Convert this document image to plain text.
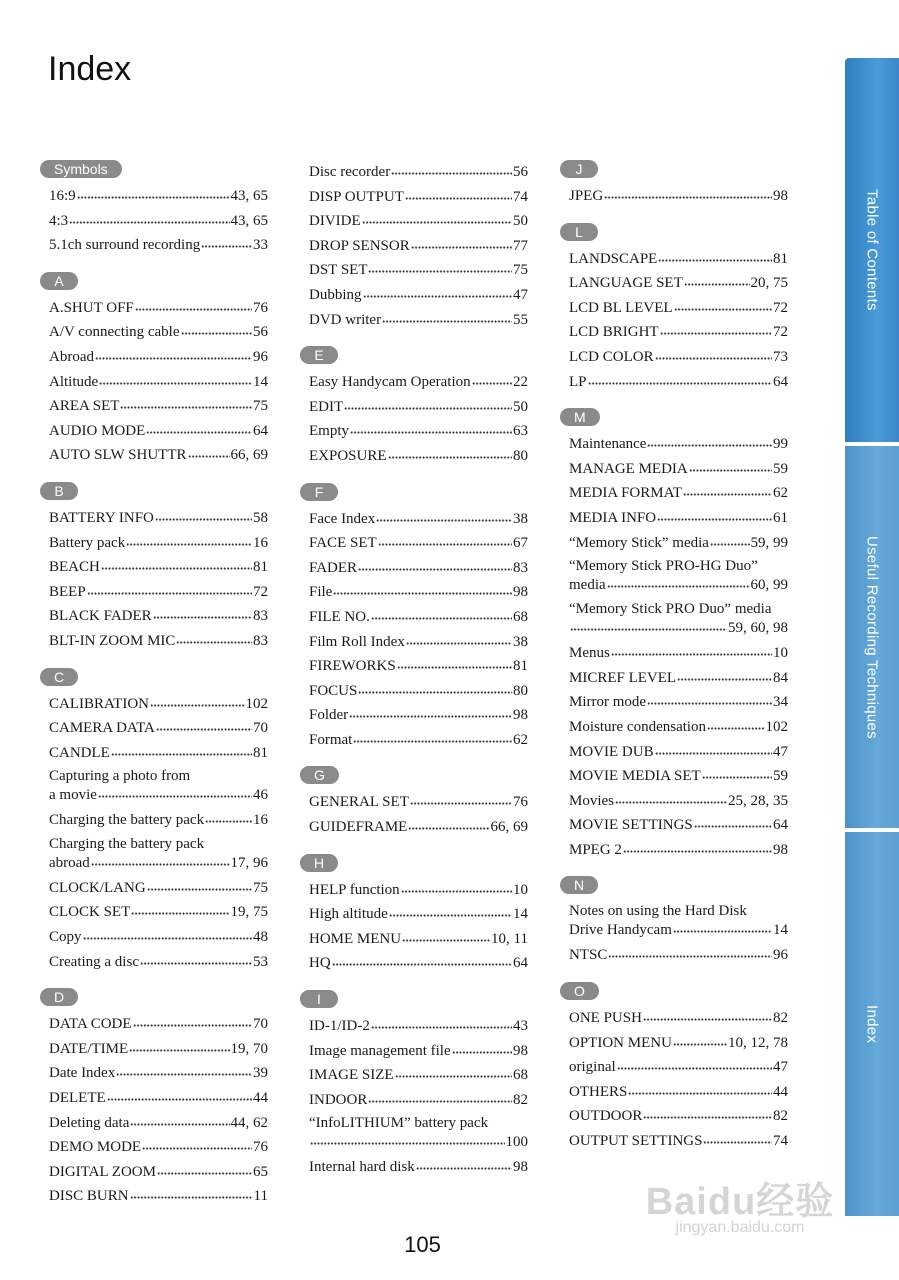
Index
Symbols
16:9	43, 65
4:3	43, 65
5.1ch surround recording	33
A
A.SHUT OFF	76
A/V connecting cable	56
Abroad	96
Altitude	14
AREA SET	75
AUDIO MODE	64
AUTO SLW SHUTTR	66, 69
B
BATTERY INFO	58
Battery pack	16
BEACH	81
BEEP	72
BLACK FADER	83
BLT-IN ZOOM MIC	83
C
CALIBRATION	102
CAMERA DATA	70
CANDLE	81
Capturing a photo from
a movie	46
Charging the battery pack	16
Charging the battery pack
abroad	17, 96
CLOCK/LANG	75
CLOCK SET	19, 75
Copy	48
Creating a disc	53
D
DATA CODE	70
DATE/TIME	19, 70
Date Index	39
DELETE	44
Deleting data	44, 62
DEMO MODE	76
DIGITAL ZOOM	65
DISC BURN	11
Disc recorder	56
DISP OUTPUT	74
DIVIDE	50
DROP SENSOR	77
DST SET	75
Dubbing	47
DVD writer	55
E
Easy Handycam Operation	22
EDIT	50
Empty	63
EXPOSURE	80
F
Face Index	38
FACE SET	67
FADER	83
File	98
FILE NO.	68
Film Roll Index	38
FIREWORKS	81
FOCUS	80
Folder	98
Format	62
G
GENERAL SET	76
GUIDEFRAME	66, 69
H
HELP function	10
High altitude	14
HOME MENU	10, 11
HQ	64
I
ID-1/ID-2	43
Image management file	98
IMAGE SIZE	68
INDOOR	82
“InfoLITHIUM” battery pack
100
Internal hard disk	98
J
JPEG	98
L
LANDSCAPE	81
LANGUAGE SET	20, 75
LCD BL LEVEL	72
LCD BRIGHT	72
LCD COLOR	73
LP	64
M
Maintenance	99
MANAGE MEDIA	59
MEDIA FORMAT	62
MEDIA INFO	61
“Memory Stick” media	59, 99
“Memory Stick PRO-HG Duo”
media	60, 99
“Memory Stick PRO Duo” media
59, 60, 98
Menus	10
MICREF LEVEL	84
Mirror mode	34
Moisture condensation	102
MOVIE DUB	47
MOVIE MEDIA SET	59
Movies	25, 28, 35
MOVIE SETTINGS	64
MPEG 2	98
N
Notes on using the Hard Disk
Drive Handycam	14
NTSC	96
O
ONE PUSH	82
OPTION MENU	10, 12, 78
original	47
OTHERS	44
OUTDOOR	82
OUTPUT SETTINGS	74
Table of Contents
Useful Recording Techniques
Index
105
Baidu经验
jingyan.baidu.com
